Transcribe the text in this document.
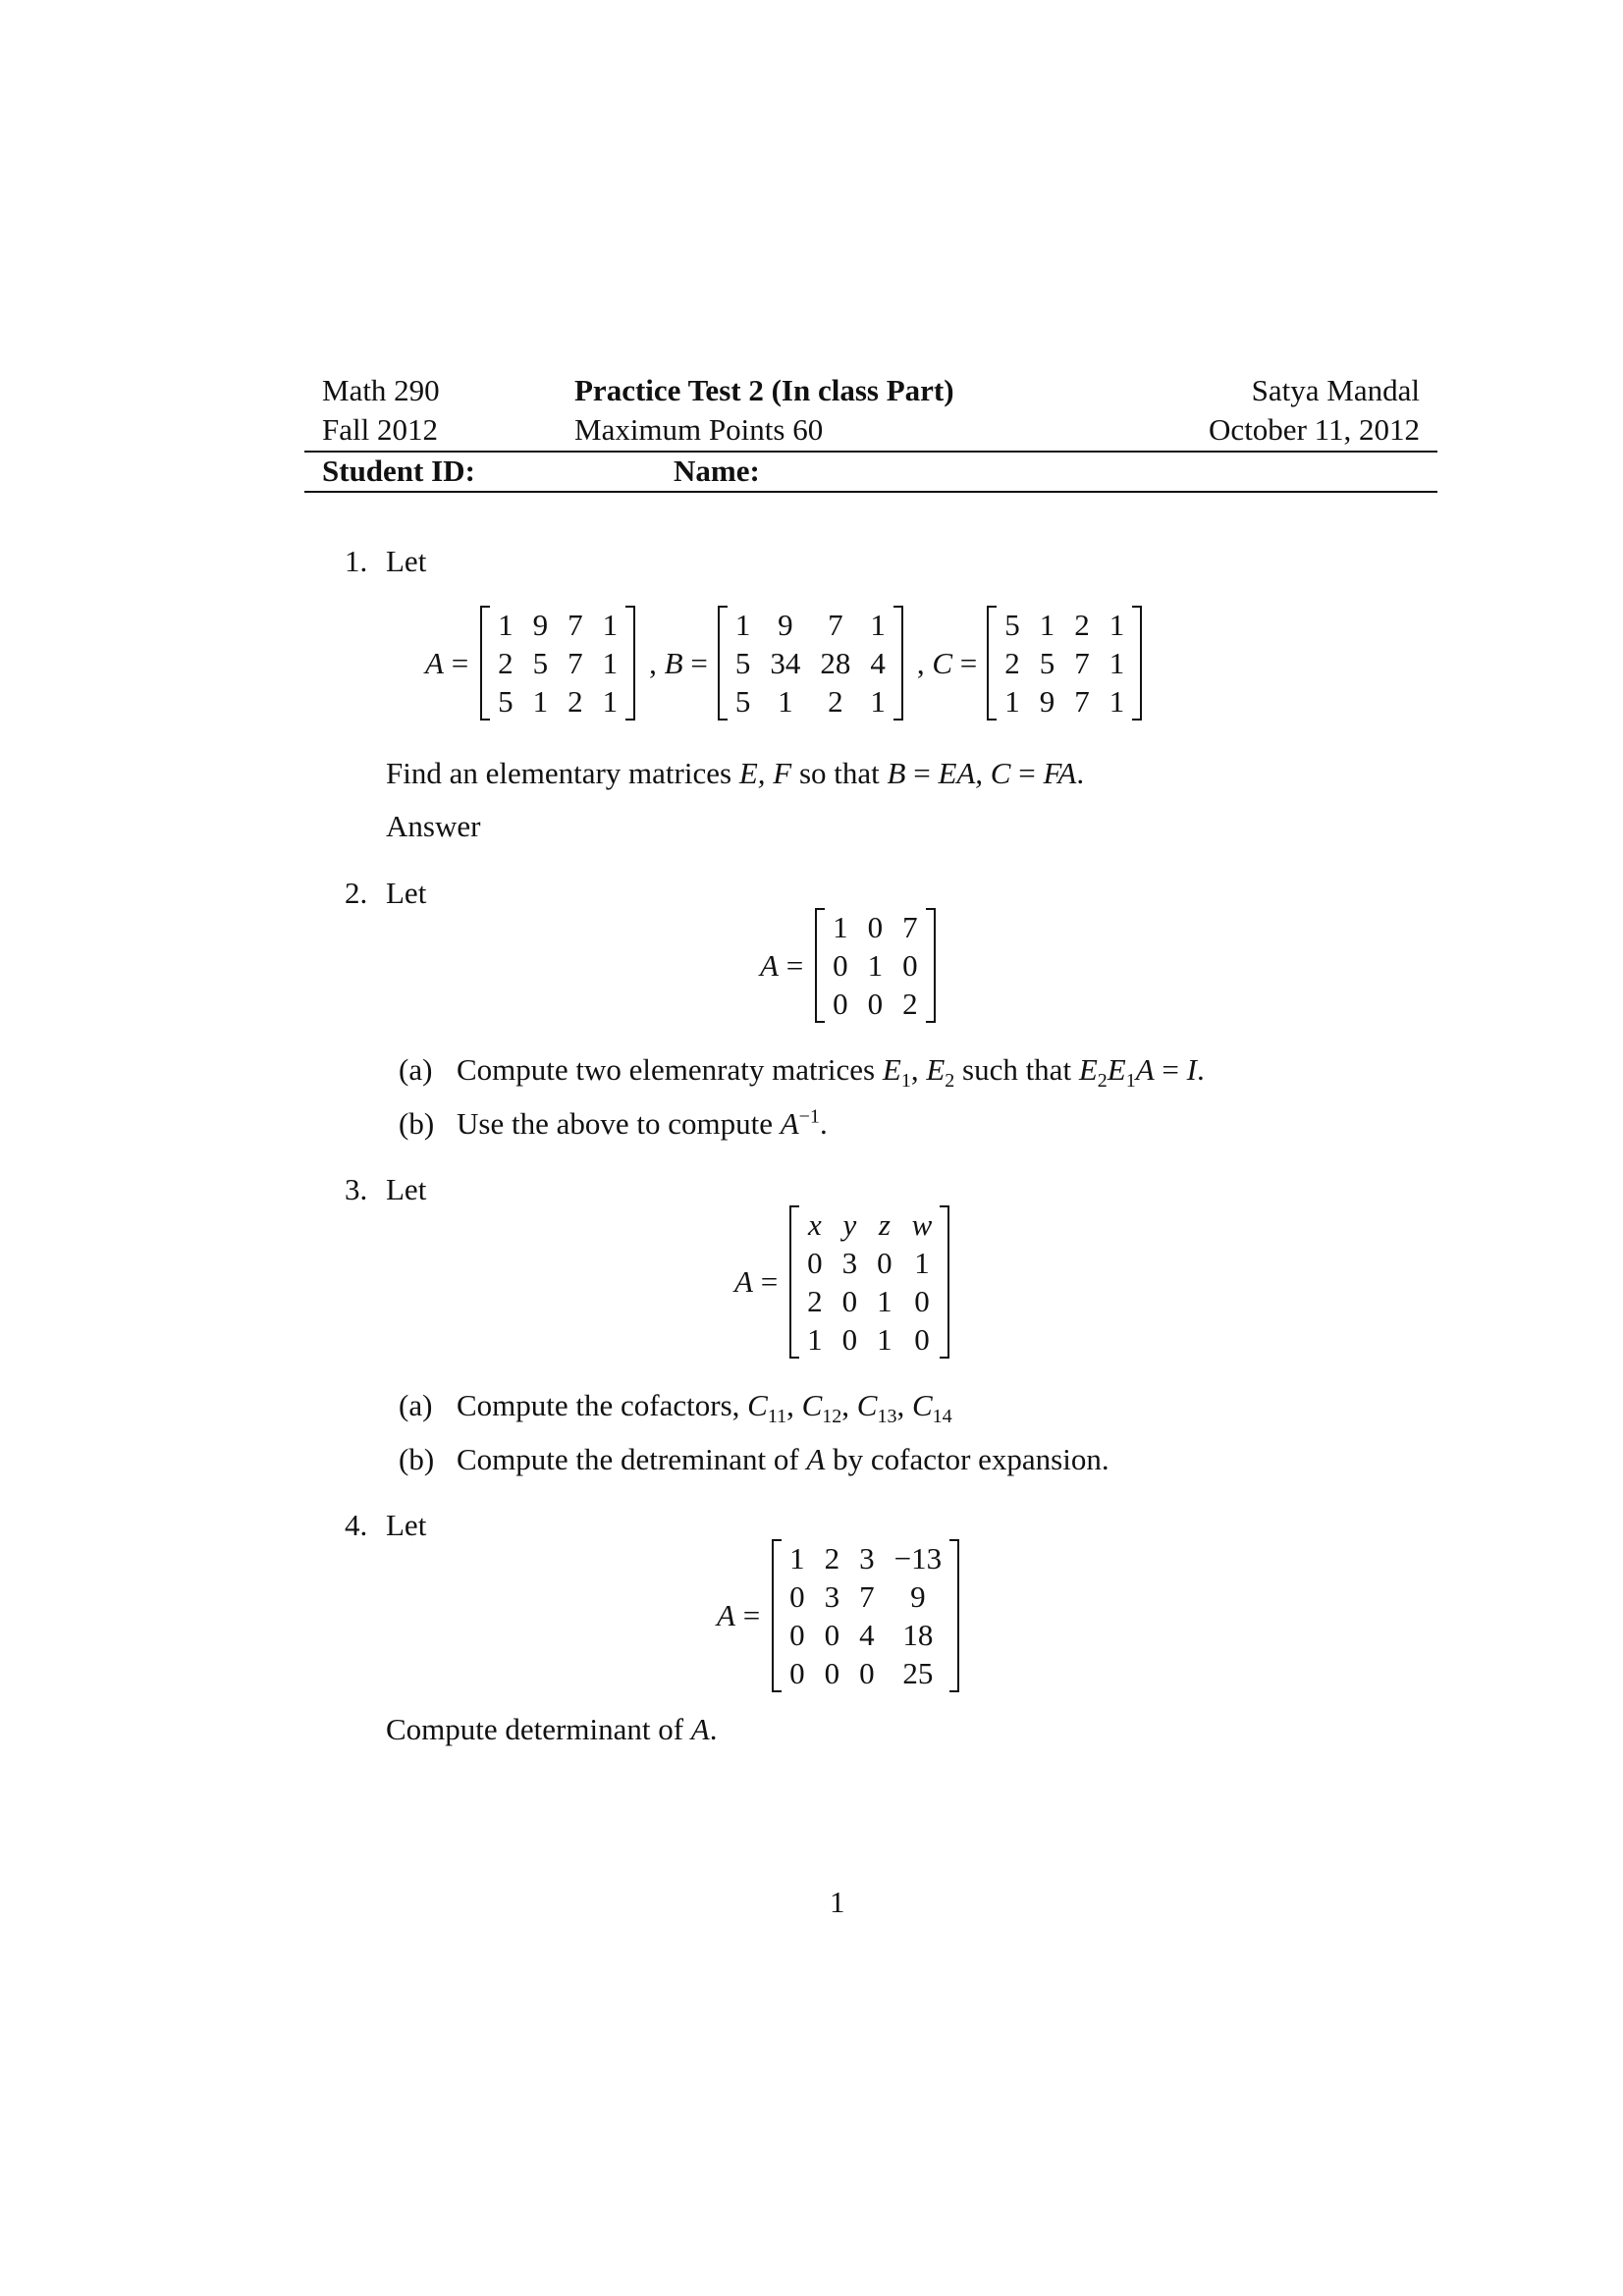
Math 290
Fall 2012
Practice Test 2 (In class Part)
Maximum Points 60
Satya Mandal
October 11, 2012
Student ID:	Name:
1. Let
A =
1	9	7	1
2	5	7	1
5	1	2	1
, B =
1	9	7	1
5	34	28	4
5	1	2	1
, C =
5	1	2	1
2	5	7	1
1	9	7	1
Find an elementary matrices E, F so that B = EA, C = FA.
Answer
2. Let
A =
1	0	7
0	1	0
0	0	2
(a) Compute two elemenraty matrices $E_1$, $E_2$ such that $E_2E_1A = I$.
(b) Use the above to compute $A^{-1}$.
3. Let
A =
x	y	z	w
0	3	0	1
2	0	1	0
1	0	1	0
(a) Compute the cofactors, $C_{11}$, $C_{12}$, $C_{13}$, $C_{14}$
(b) Compute the detreminant of A by cofactor expansion.
4. Let
A =
1	2	3	−13
0	3	7	9
0	0	4	18
0	0	0	25
Compute determinant of A.
1
